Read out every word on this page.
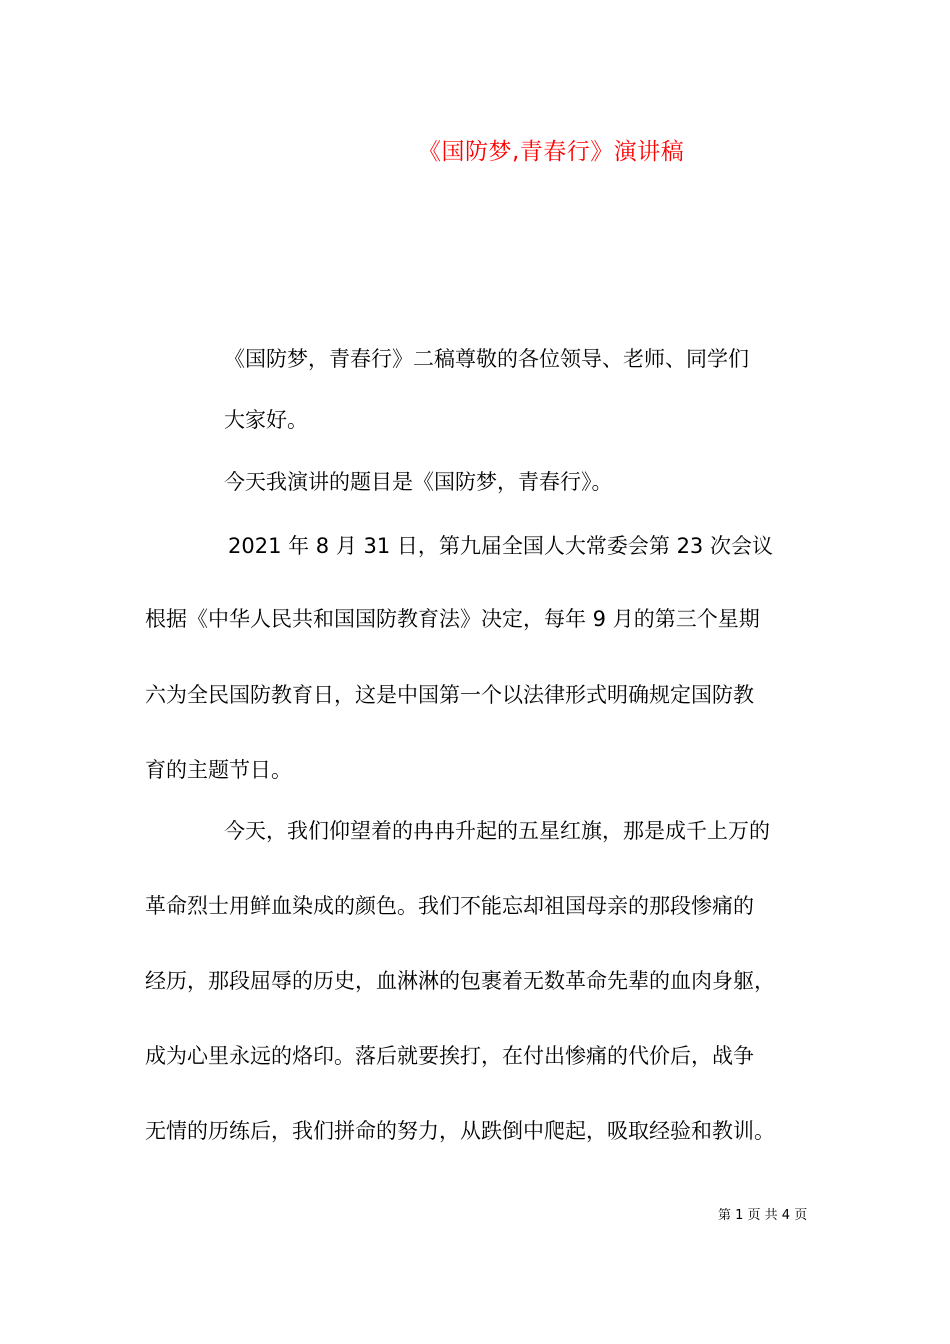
《国防梦,青春行》演讲稿
《国防梦，青春行》二稿尊敬的各位领导、老师、同学们
大家好。
今天我演讲的题目是《国防梦，青春行》。
2021 年 8 月 31 日，第九届全国人大常委会第 23 次会议
根据《中华人民共和国国防教育法》决定，每年 9 月的第三个星期
六为全民国防教育日，这是中国第一个以法律形式明确规定国防教
育的主题节日。
今天，我们仰望着的冉冉升起的五星红旗，那是成千上万的
革命烈士用鲜血染成的颜色。我们不能忘却祖国母亲的那段惨痛的
经历，那段屈辱的历史，血淋淋的包裹着无数革命先辈的血肉身躯，
成为心里永远的烙印。落后就要挨打，在付出惨痛的代价后，战争
无情的历练后，我们拼命的努力，从跌倒中爬起，吸取经验和教训。
第 1 页 共 4 页
